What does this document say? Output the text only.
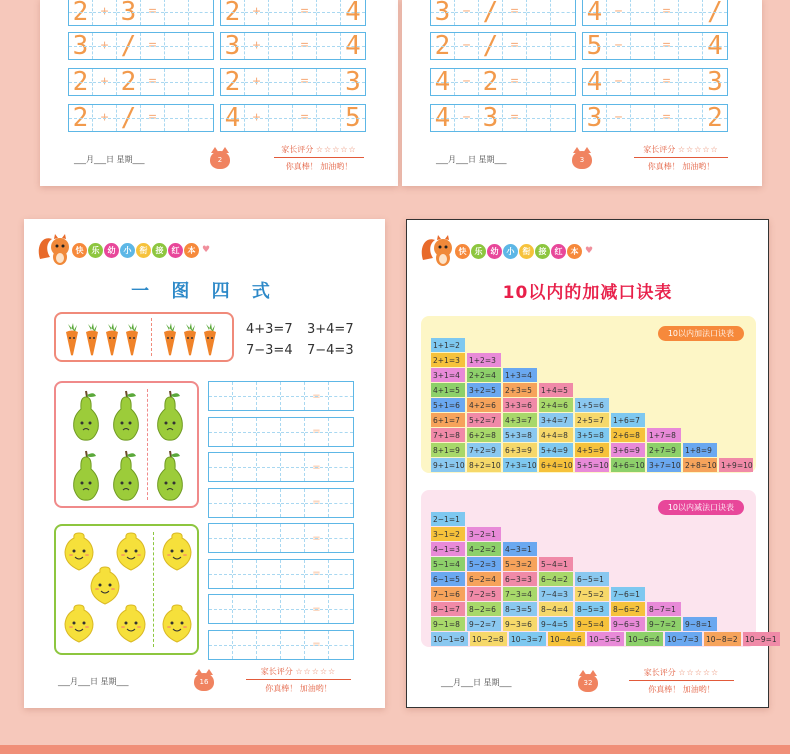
2 + 3 =	2 +	=	4
3 + / =	3 +	=	4
2 + 2 =	2 +	=	3
2 + / =	4 +	=	5
___月___日 星期___	2
家长评分 ☆☆☆☆☆
你真棒！ 加油哟！
3 − / =	4 −	=	/
2 − / =	5 −	=	4
4 − 2 =	4 −	=	3
4 − 3 =	3 −	=	2
___月___日 星期___	3
家长评分 ☆☆☆☆☆
你真棒！ 加油哟！
快	乐	幼	小	衔	接	红	本 ♥
一 图 四 式
4+3=7 3+4=7
7−3=4 7−4=3
=
=
=
=
=
=
=
=
___月___日 星期___	16
家长评分 ☆☆☆☆☆
你真棒！ 加油哟！
快	乐	幼	小	衔	接	红	本 ♥
10以内的加减口诀表
10以内加法口诀表
1+1=2
2+1=3	1+2=3
3+1=4	2+2=4	1+3=4
4+1=5	3+2=5	2+3=5	1+4=5
5+1=6	4+2=6	3+3=6	2+4=6	1+5=6
6+1=7	5+2=7	4+3=7	3+4=7	2+5=7	1+6=7
7+1=8	6+2=8	5+3=8	4+4=8	3+5=8	2+6=8	1+7=8
8+1=9	7+2=9	6+3=9	5+4=9	4+5=9	3+6=9	2+7=9	1+8=9
9+1=10 8+2=10 7+3=10 6+4=10 5+5=10 4+6=10 3+7=10 2+8=10 1+9=10
10以内减法口诀表
2−1=1
3−1=2	3−2=1
4−1=3	4−2=2	4−3=1
5−1=4	5−2=3	5−3=2	5−4=1
6−1=5	6−2=4	6−3=3	6−4=2	6−5=1
7−1=6	7−2=5	7−3=4	7−4=3	7−5=2	7−6=1
8−1=7	8−2=6	8−3=5	8−4=4	8−5=3	8−6=2	8−7=1
9−1=8	9−2=7	9−3=6	9−4=5	9−5=4	9−6=3	9−7=2	9−8=1
10−1=9 10−2=8 10−3=7 10−4=6 10−5=5 10−6=4 10−7=3 10−8=2 10−9=1
___月___日 星期___	32
家长评分 ☆☆☆☆☆
你真棒！ 加油哟！
